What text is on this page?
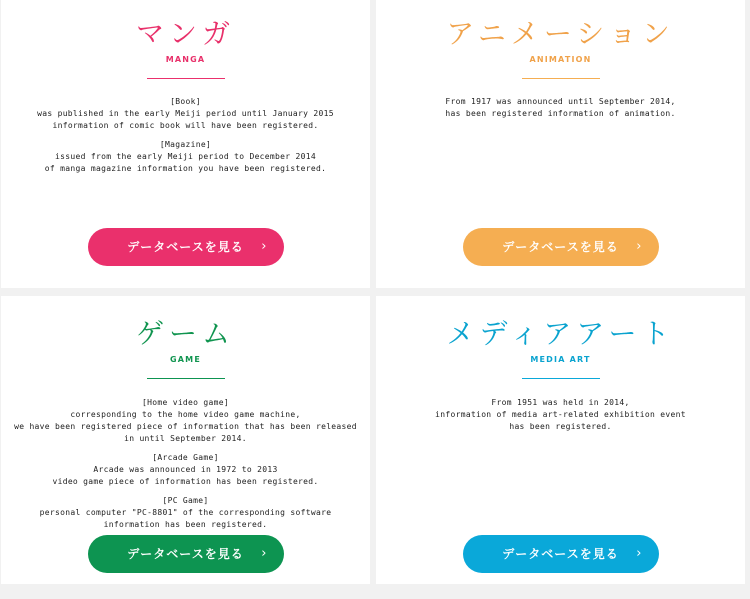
マンガ
MANGA
[Book]
was published in the early Meiji period until January 2015
information of comic book will have been registered.
[Magazine]
issued from the early Meiji period to December 2014
of manga magazine information you have been registered.
データベースを見る ›
アニメーション
ANIMATION
From 1917 was announced until September 2014,
has been registered information of animation.
データベースを見る ›
ゲーム
GAME
[Home video game]
corresponding to the home video game machine,
we have been registered piece of information that has been released
in until September 2014.
[Arcade Game]
Arcade was announced in 1972 to 2013
video game piece of information has been registered.
[PC Game]
personal computer "PC-8801" of the corresponding software
information has been registered.
データベースを見る ›
メディアアート
MEDIA ART
From 1951 was held in 2014,
information of media art-related exhibition event
has been registered.
データベースを見る ›
